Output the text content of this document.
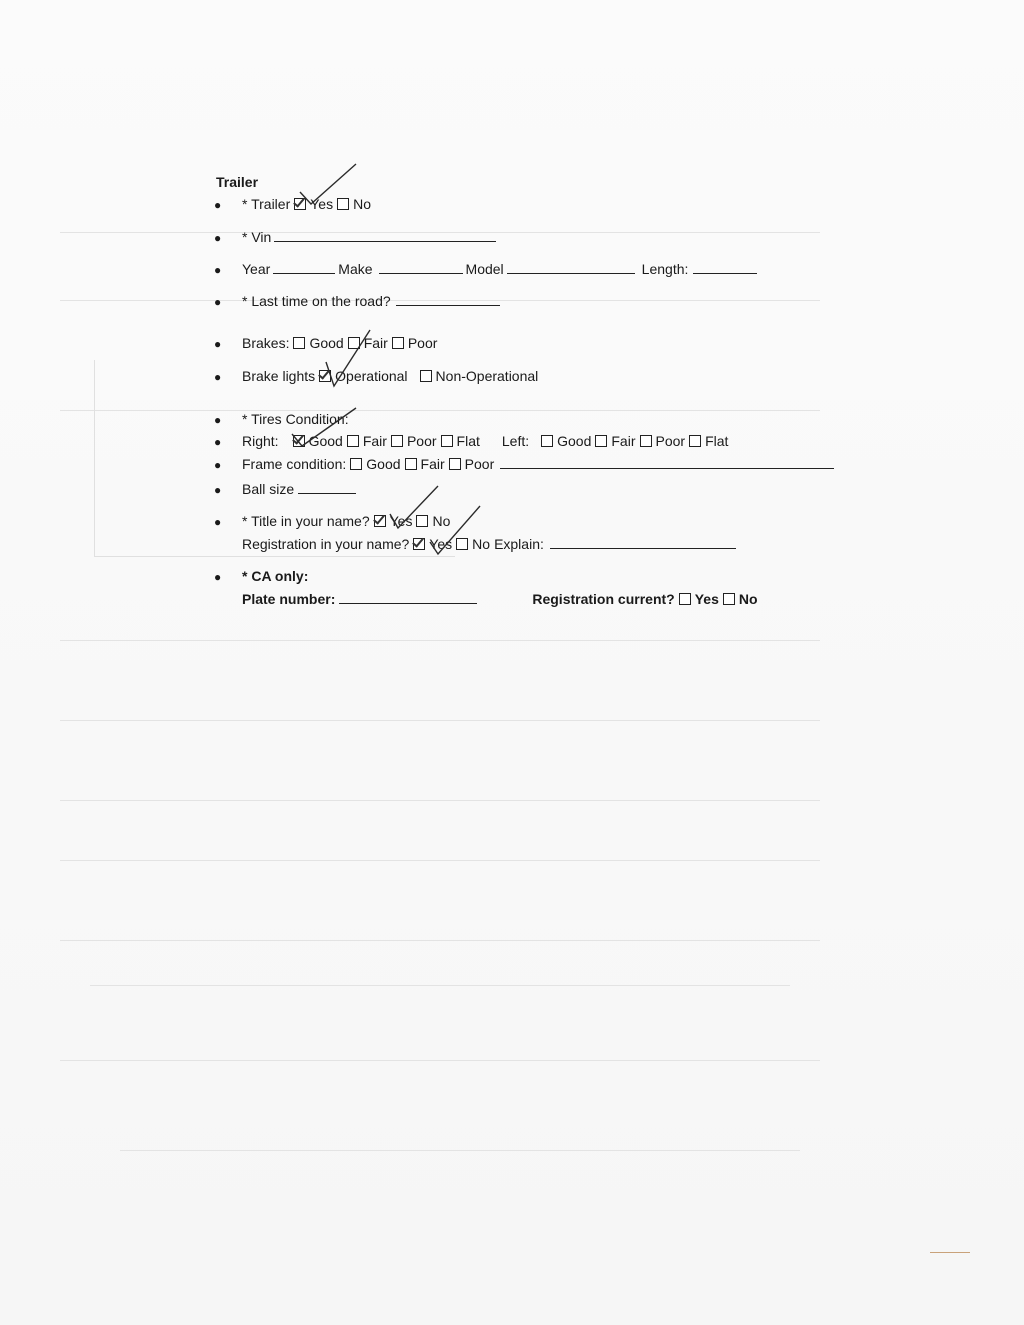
Trailer
●	* Trailer Yes No
●	* Vin
●	Year	Make	Model	Length:
●	* Last time on the road?
●	Brakes: Good Fair Poor
●	Brake lights Operational Non-Operational
●	* Tires Condition:
●	Right: Good Fair Poor Flat Left: Good Fair Poor Flat
●	Frame condition: Good Fair Poor
●	Ball size
●	* Title in your name? Yes No
Registration in your name? Yes No Explain:
●	* CA only:
Plate number:	Registration current? Yes No
